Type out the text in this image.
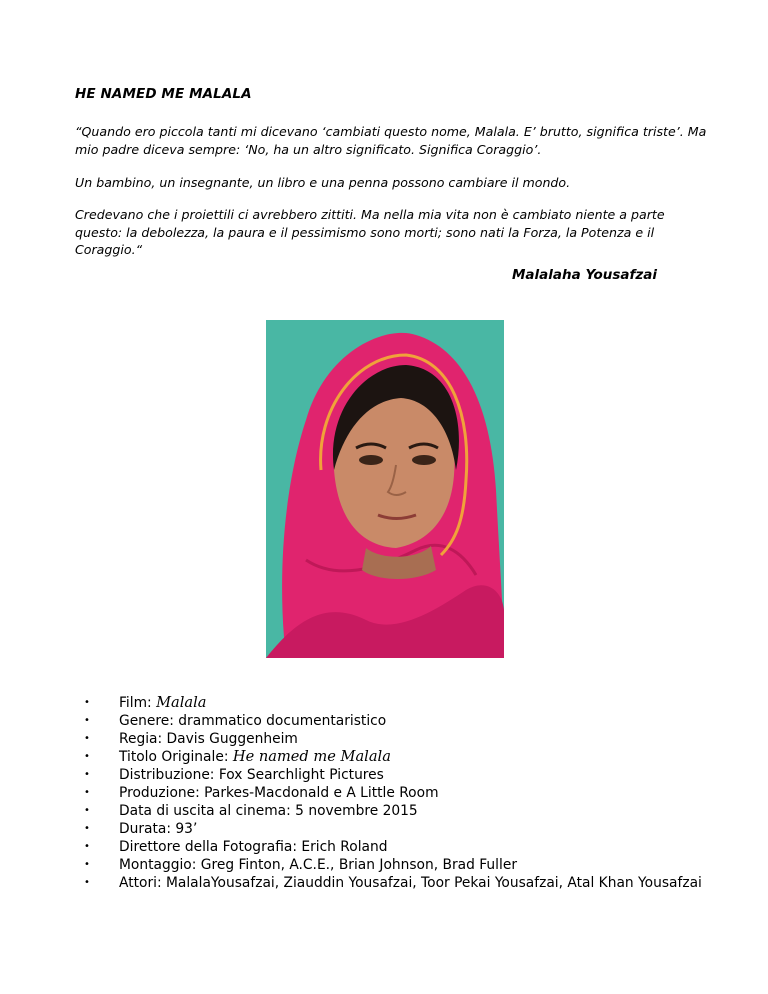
HE NAMED ME MALALA
“Quando ero piccola tanti mi dicevano ‘cambiati questo nome, Malala. E’ brutto, significa triste’. Ma mio padre diceva sempre: ‘No, ha un altro significato. Significa Coraggio’.
Un bambino, un insegnante, un libro e una penna possono cambiare il mondo.
Credevano che i proiettili ci avrebbero zittiti. Ma nella mia vita non è cambiato niente a parte questo: la debolezza, la paura e il pessimismo sono morti; sono nati la Forza, la Potenza e il Coraggio.“
Malalaha Yousafzai
• Film: Malala
• Genere: drammatico documentaristico
• Regia: Davis Guggenheim
• Titolo Originale: He named me Malala
• Distribuzione: Fox Searchlight Pictures
• Produzione: Parkes-Macdonald e A Little Room
• Data di uscita al cinema: 5 novembre 2015
• Durata: 93’
• Direttore della Fotografia: Erich Roland
• Montaggio: Greg Finton, A.C.E., Brian Johnson, Brad Fuller
• Attori: MalalaYousafzai, Ziauddin Yousafzai, Toor Pekai Yousafzai, Atal Khan Yousafzai
